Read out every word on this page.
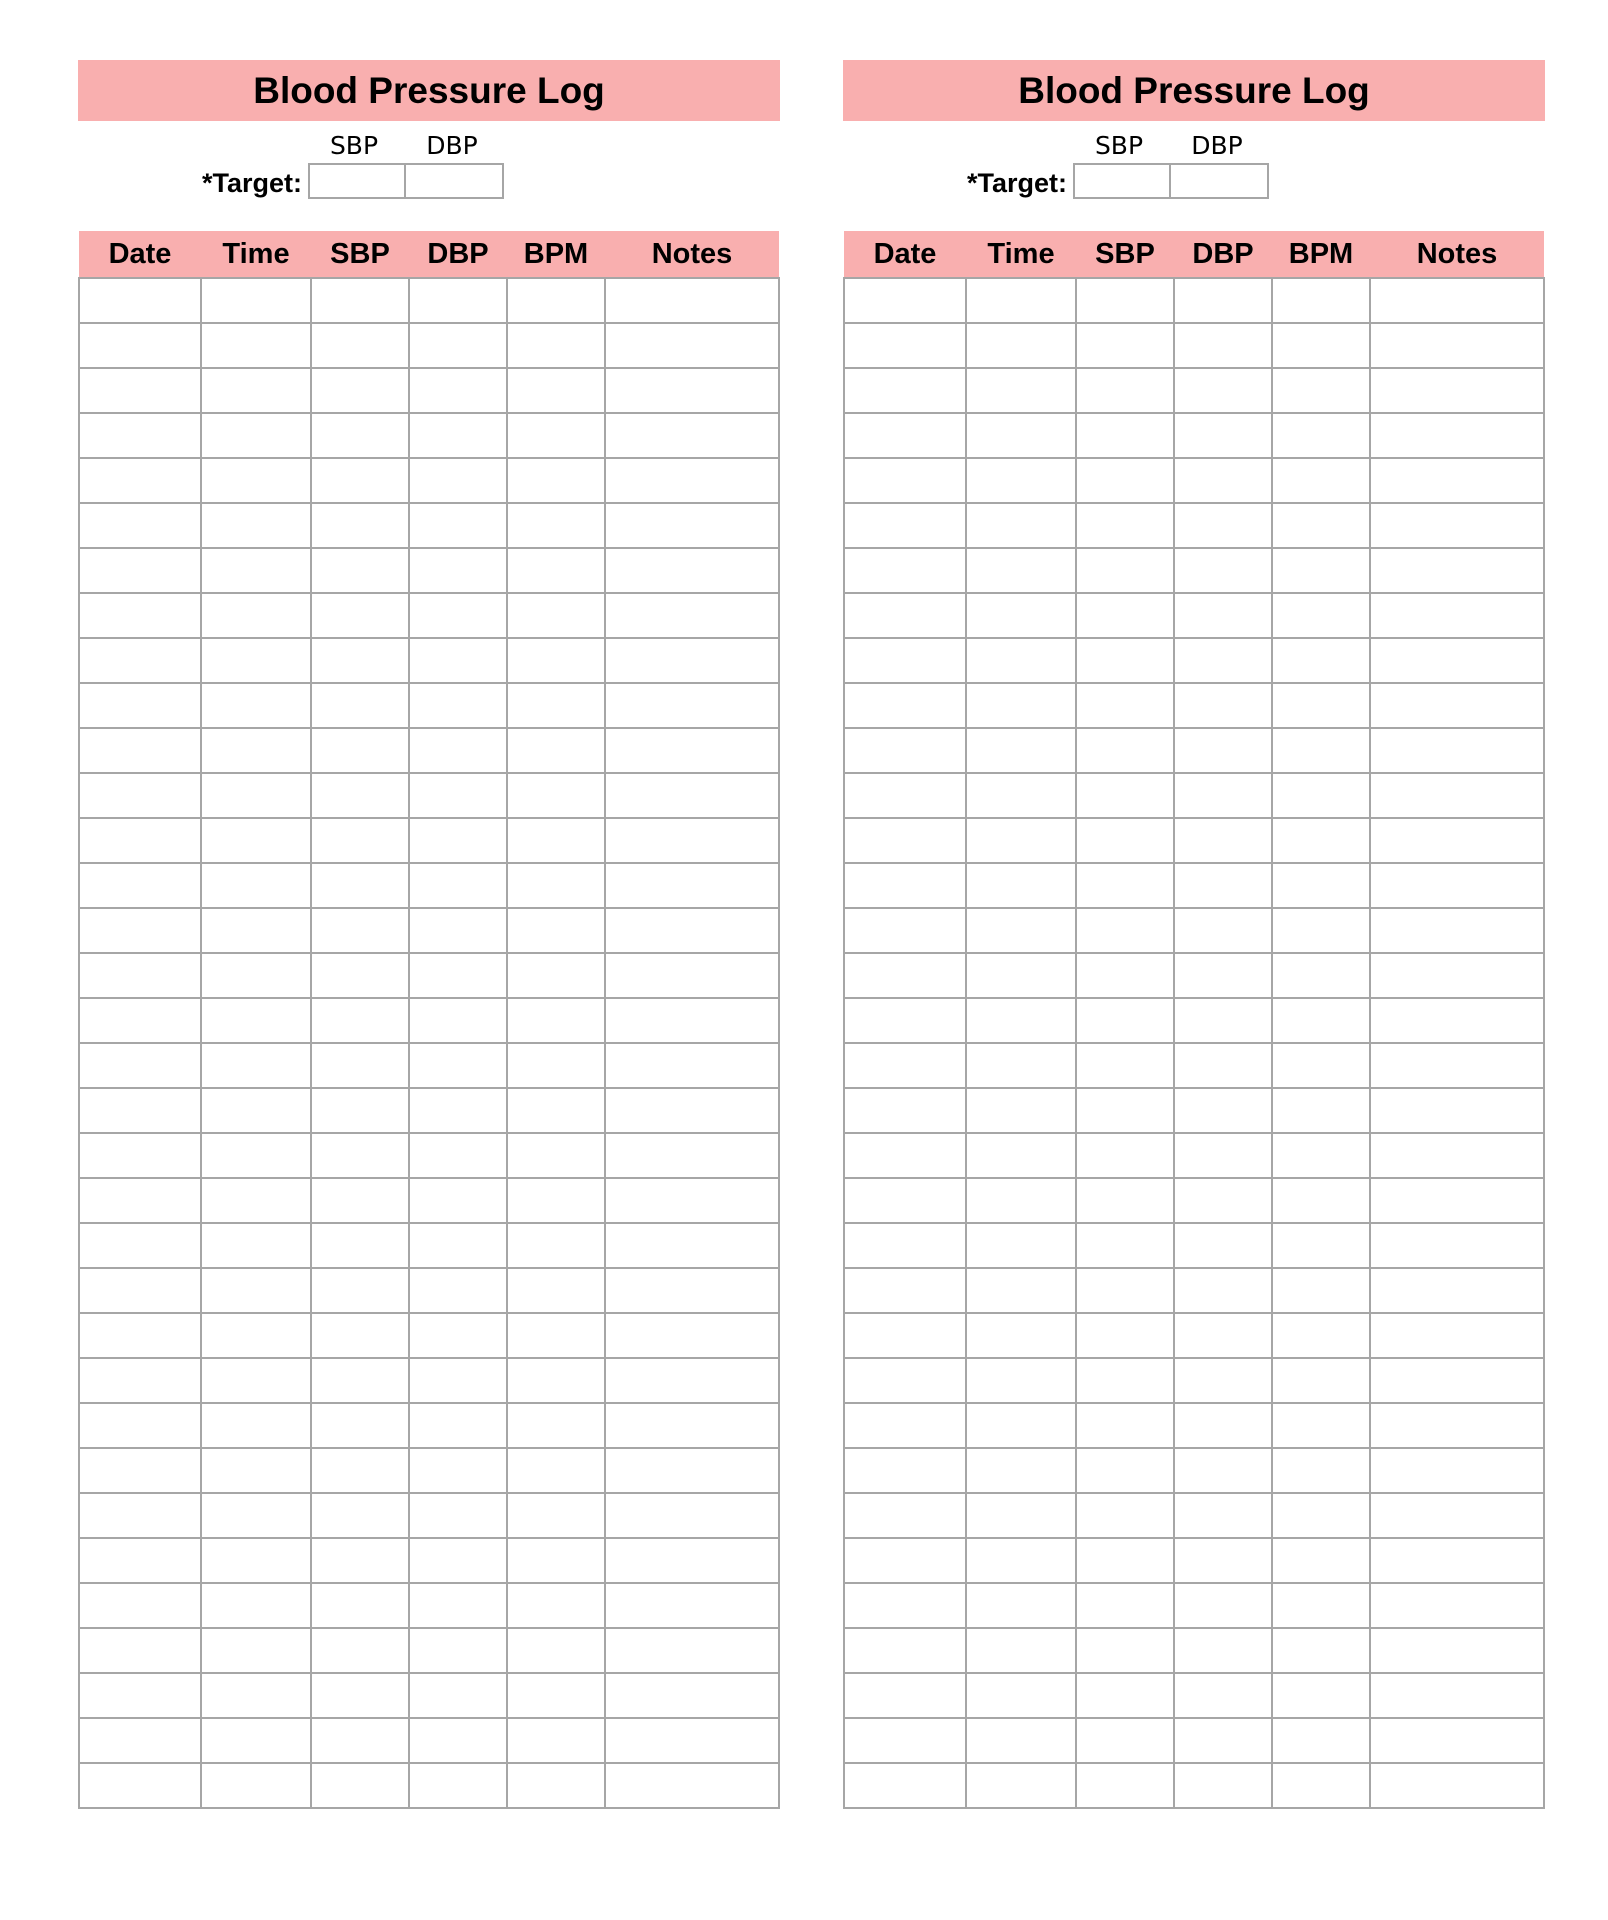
Blood Pressure Log
SBP	DBP
*Target:
Date	Time	SBP	DBP	BPM	Notes

Blood Pressure Log
SBP	DBP
*Target:
Date	Time	SBP	DBP	BPM	Notes
